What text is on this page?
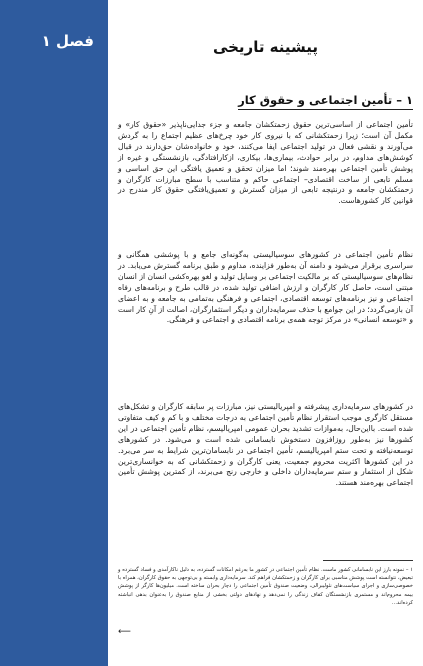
فصل ۱	پیشینه تاریخی
۱ – تأمین اجتماعی و حقوق کار

تأمین اجتماعی از اساسی‌ترین حقوق زحمتکشان جامعه و جزء جدایی‌ناپذیر «حقوق کار» و مکمل آن است؛ زیرا زحمتکشانی که با نیروی کار خود چرخ‌های عظیم اجتماع را به گردش می‌آورند و نقشی فعال در تولید اجتماعی ایفا می‌کنند، خود و خانواده‌شان حق‌دارند در قبال کوشش‌های مداوم، در برابر حوادث، بیماری‌ها، بیکاری، ازکارافتادگی، بازنشستگی و غیره از پوشش تأمین اجتماعی بهره‌مند شوند؛ اما میزان تحقق و تعمیق یافتگی این حق اساسی و مسلم تابعی از ساخت اقتصادی– اجتماعی حاکم و متناسب با سطح مبارزات کارگران و زحمتکشان جامعه و درنتیجه تابعی از میزان گسترش و تعمیق‌یافتگی حقوق کار مندرج در قوانین کار کشورهاست.

نظام تأمین اجتماعی در کشورهای سوسیالیستی به‌گونه‌ای جامع و با پوششی همگانی و سراسری برقرار می‌شود و دامنه آن به‌طور فزاینده، مداوم و طبق برنامه گسترش می‌یابد. در نظام‌های سوسیالیستی که بر مالکیت اجتماعی بر وسایل تولید و لغو بهره‌کشی انسان از انسان مبتنی است، حاصل کار کارگران و ارزش اضافی تولید شده، در قالب طرح و برنامه‌های رفاه اجتماعی و نیز برنامه‌های توسعه اقتصادی، اجتماعی و فرهنگی به‌تمامی به جامعه و به اعضای آن بازمی‌گردد؛ در این جوامع با حذف سرمایه‌داران و دیگر استثمارگران، اصالت از آنِ کار است و «توسعه انسانی» در مرکز توجه همه‌ی برنامه اقتصادی و اجتماعی و فرهنگی.

در کشورهای سرمایه‌داری پیشرفته و امپریالیستی نیز، مبارزات پر سابقه کارگران و تشکل‌های مستقل کارگری موجب استقرار نظام تأمین اجتماعی به درجات مختلف و با کم و کیف متفاوتی شده است. بااین‌حال، به‌موازات تشدید بحران عمومی امپریالیسم، نظام تأمین اجتماعی در این کشورها نیز به‌طور روزافزون دستخوش نابسامانی شده است و می‌شود. در کشورهای توسعه‌نیافته و تحت ستم امپریالیسم، تأمین اجتماعی در نابسامان‌ترین شرایط به سر می‌برد. در این کشورها اکثریت محروم جمعیت، یعنی کارگران و زحمتکشانی که به خوانساری‌ترین شکل از استثمار و ستم سرمایه‌داران داخلی و خارجی رنج می‌برند، از کمترین پوشش تأمین اجتماعی بهره‌مند هستند.

۱ – نمونه بارز این نابسامانی کشور ماست. نظام تأمین اجتماعی در کشور ما به‌رغم امکانات گسترده، به دلیل ناکارآمدی و فساد گسترده و تبعیض، نتوانسته است پوشش مناسبی برای کارگران و زحمتکشان فراهم کند. سرمایه‌داری وابسته و بی‌توجهی به حقوق کارگران، همراه با خصوصی‌سازی و اجرای سیاست‌های نئولیبرالی، وضعیت صندوق تأمین اجتماعی را دچار بحران ساخته است. میلیون‌ها کارگر از پوشش بیمه محروم‌اند و مستمری بازنشستگان کفاف زندگی را نمی‌دهد و نهادهای دولتی بخشی از منابع صندوق را به‌عنوان بدهی انباشته کرده‌اند…

⟵
